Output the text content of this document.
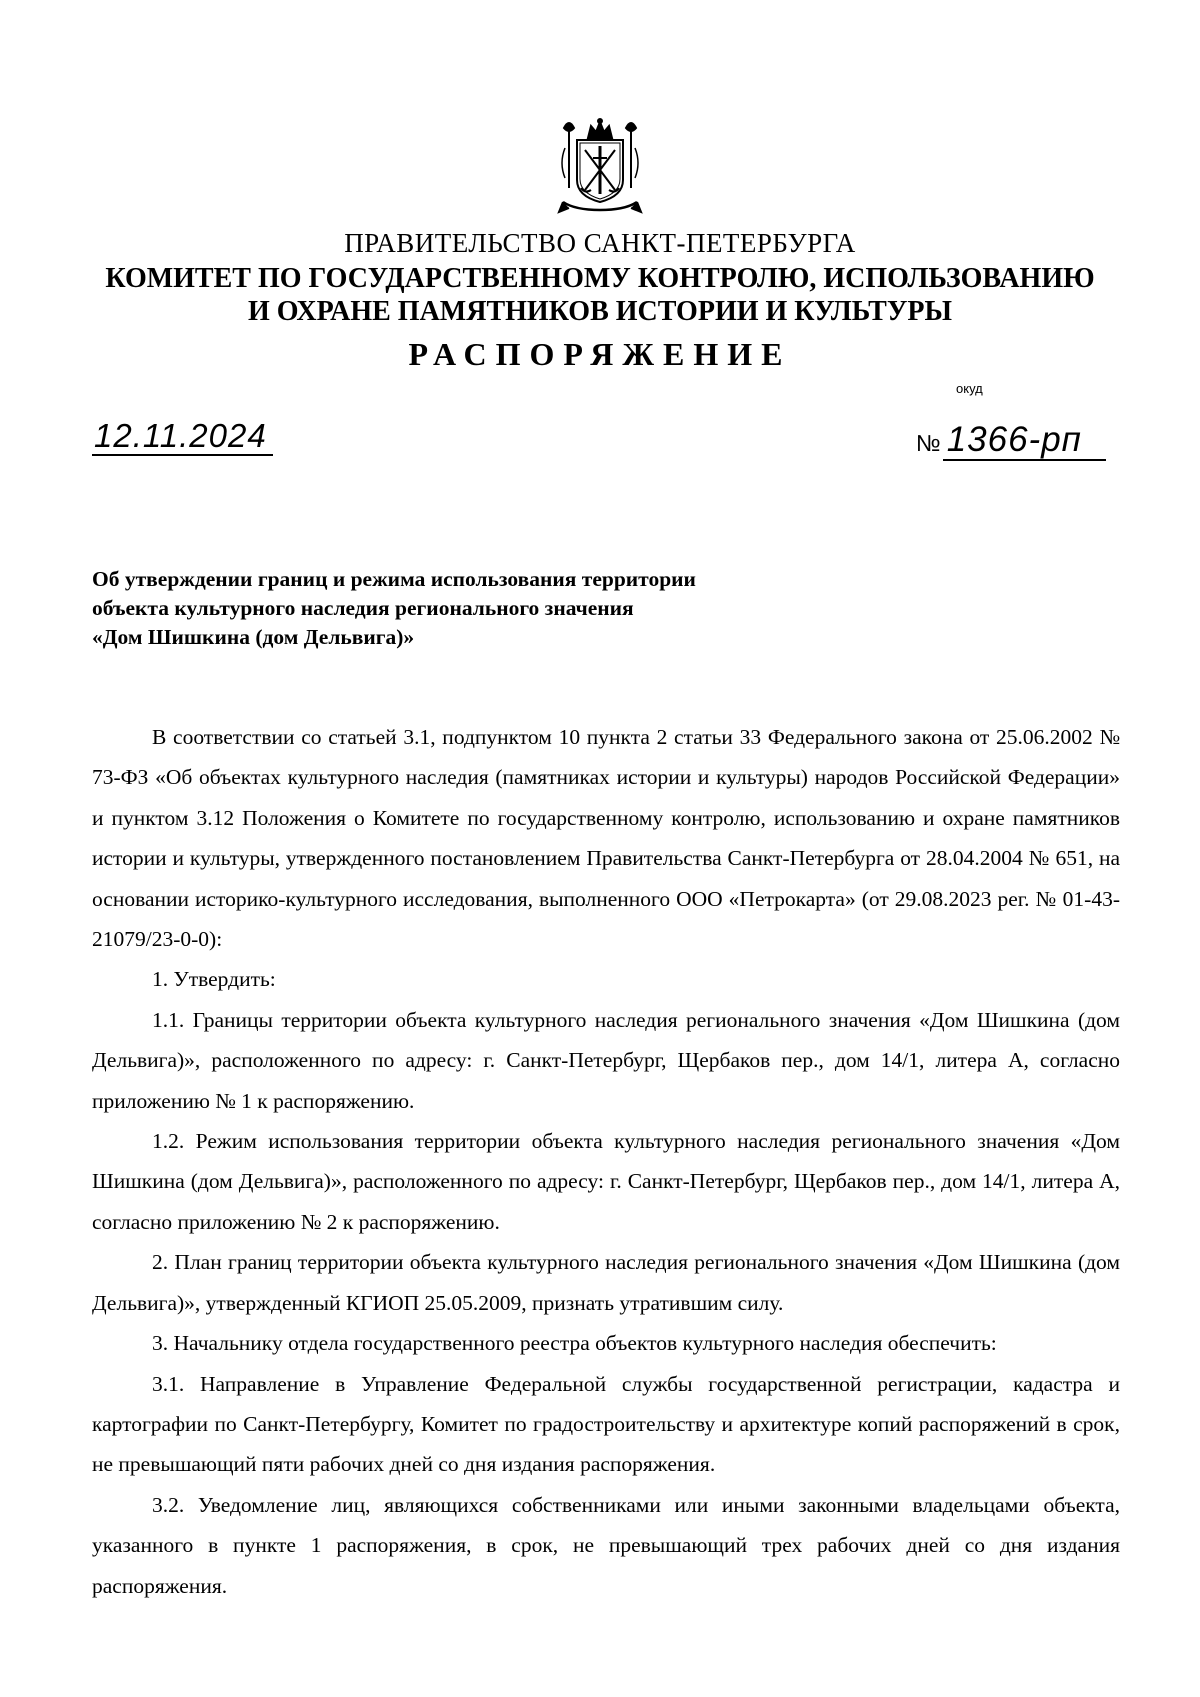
ПРАВИТЕЛЬСТВО САНКТ-ПЕТЕРБУРГА
КОМИТЕТ ПО ГОСУДАРСТВЕННОМУ КОНТРОЛЮ, ИСПОЛЬЗОВАНИЮ
И ОХРАНЕ ПАМЯТНИКОВ ИСТОРИИ И КУЛЬТУРЫ
РАСПОРЯЖЕНИЕ
окуд
12.11.2024	№ 1366-рп
Об утверждении границ и режима использования территории
объекта культурного наследия регионального значения
«Дом Шишкина (дом Дельвига)»

В соответствии со статьей 3.1, подпунктом 10 пункта 2 статьи 33 Федерального закона от 25.06.2002 № 73-ФЗ «Об объектах культурного наследия (памятниках истории и культуры) народов Российской Федерации» и пунктом 3.12 Положения о Комитете по государственному контролю, использованию и охране памятников истории и культуры, утвержденного постановлением Правительства Санкт-Петербурга от 28.04.2004 № 651, на основании историко-культурного исследования, выполненного ООО «Петрокарта» (от 29.08.2023 рег. № 01-43-21079/23-0-0):

1. Утвердить:

1.1. Границы территории объекта культурного наследия регионального значения «Дом Шишкина (дом Дельвига)», расположенного по адресу: г. Санкт-Петербург, Щербаков пер., дом 14/1, литера А, согласно приложению № 1 к распоряжению.

1.2. Режим использования территории объекта культурного наследия регионального значения «Дом Шишкина (дом Дельвига)», расположенного по адресу: г. Санкт-Петербург, Щербаков пер., дом 14/1, литера А, согласно приложению № 2 к распоряжению.

2. План границ территории объекта культурного наследия регионального значения «Дом Шишкина (дом Дельвига)», утвержденный КГИОП 25.05.2009, признать утратившим силу.

3. Начальнику отдела государственного реестра объектов культурного наследия обеспечить:

3.1. Направление в Управление Федеральной службы государственной регистрации, кадастра и картографии по Санкт-Петербургу, Комитет по градостроительству и архитектуре копий распоряжений в срок, не превышающий пяти рабочих дней со дня издания распоряжения.

3.2. Уведомление лиц, являющихся собственниками или иными законными владельцами объекта, указанного в пункте 1 распоряжения, в срок, не превышающий трех рабочих дней со дня издания распоряжения.
